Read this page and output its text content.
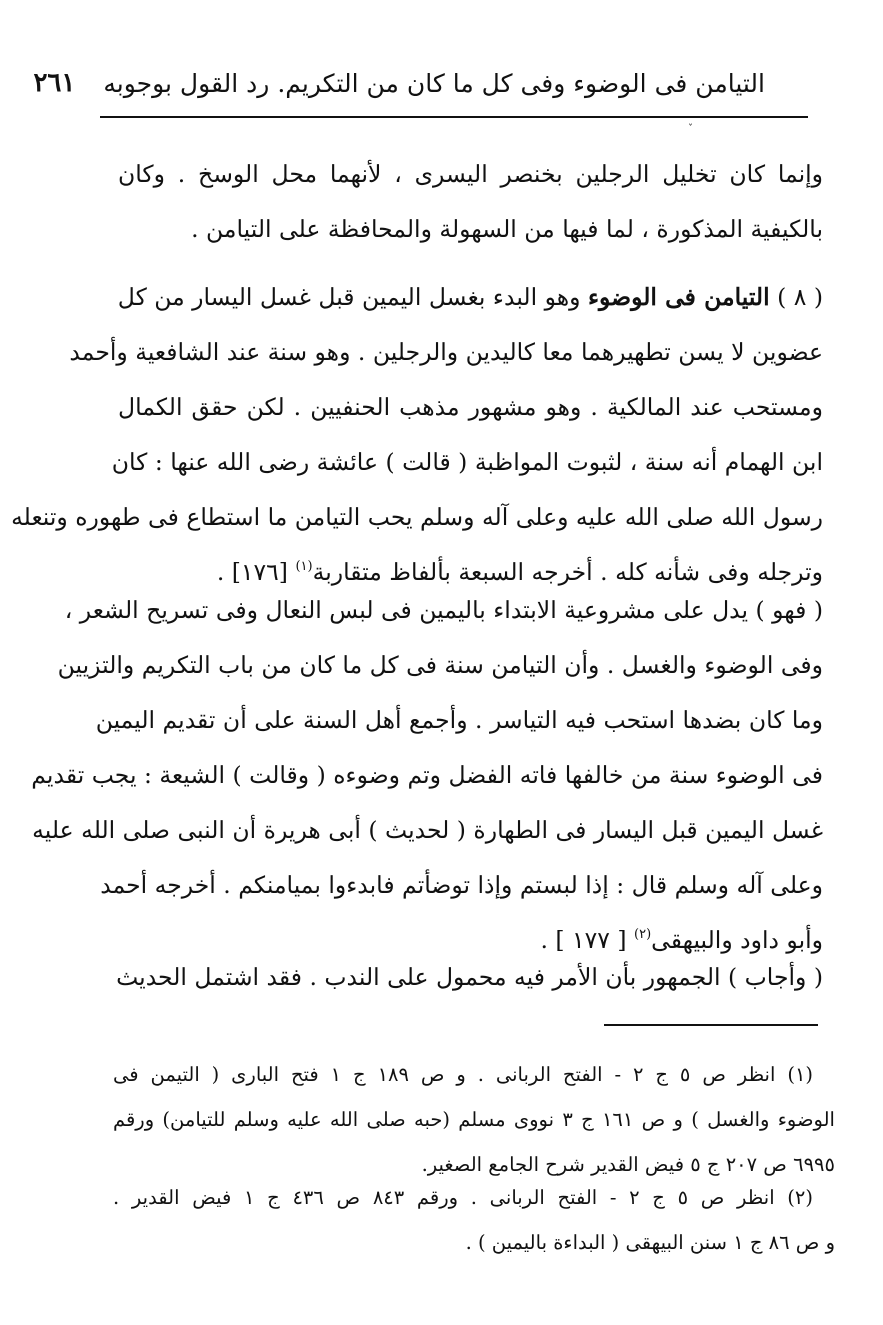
التيامن فى الوضوء وفى كل ما كان من التكريم. رد القول بوجوبه
٢٦١
ˇ
وإنما كان تخليل الرجلين بخنصر اليسرى ، لأنهما محل الوسخ . وكان
بالكيفية المذكورة ، لما فيها من السهولة والمحافظة على التيامن .
( ٨ ) التيامن فى الوضوء وهو البدء بغسل اليمين قبل غسل اليسار من كل
عضوين لا يسن تطهيرهما معا كاليدين والرجلين . وهو سنة عند الشافعية وأحمد
ومستحب عند المالكية . وهو مشهور مذهب الحنفيين . لكن حقق الكمال
ابن الهمام أنه سنة ، لثبوت المواظبة ( قالت ) عائشة رضى الله عنها : كان
رسول الله صلى الله عليه وعلى آله وسلم يحب التيامن ما استطاع فى طهوره وتنعله
وترجله وفى شأنه كله . أخرجه السبعة بألفاظ متقاربة$^{(١)}$ [١٧٦] .
( فهو ) يدل على مشروعية الابتداء باليمين فى لبس النعال وفى تسريح الشعر ،
وفى الوضوء والغسل . وأن التيامن سنة فى كل ما كان من باب التكريم والتزيين
وما كان بضدها استحب فيه التياسر . وأجمع أهل السنة على أن تقديم اليمين
فى الوضوء سنة من خالفها فاته الفضل وتم وضوءه ( وقالت ) الشيعة : يجب تقديم
غسل اليمين قبل اليسار فى الطهارة ( لحديث ) أبى هريرة أن النبى صلى الله عليه
وعلى آله وسلم قال : إذا لبستم وإذا توضأتم فابدءوا بميامنكم . أخرجه أحمد
وأبو داود والبيهقى$^{(٢)}$ [ ١٧٧ ] .
( وأجاب ) الجمهور بأن الأمر فيه محمول على الندب . فقد اشتمل الحديث
(١) انظر ص ٥ ج ٢ - الفتح الربانى . و ص ١٨٩ ج ١ فتح البارى ( التيمن فى
الوضوء والغسل ) و ص ١٦١ ج ٣ نووى مسلم (حبه صلى الله عليه وسلم للتيامن) ورقم
٦٩٩٥ ص ٢٠٧ ج ٥ فيض القدير شرح الجامع الصغير.
(٢) انظر ص ٥ ج ٢ - الفتح الربانى . ورقم ٨٤٣ ص ٤٣٦ ج ١ فيض القدير .
و ص ٨٦ ج ١ سنن البيهقى ( البداءة باليمين ) .
